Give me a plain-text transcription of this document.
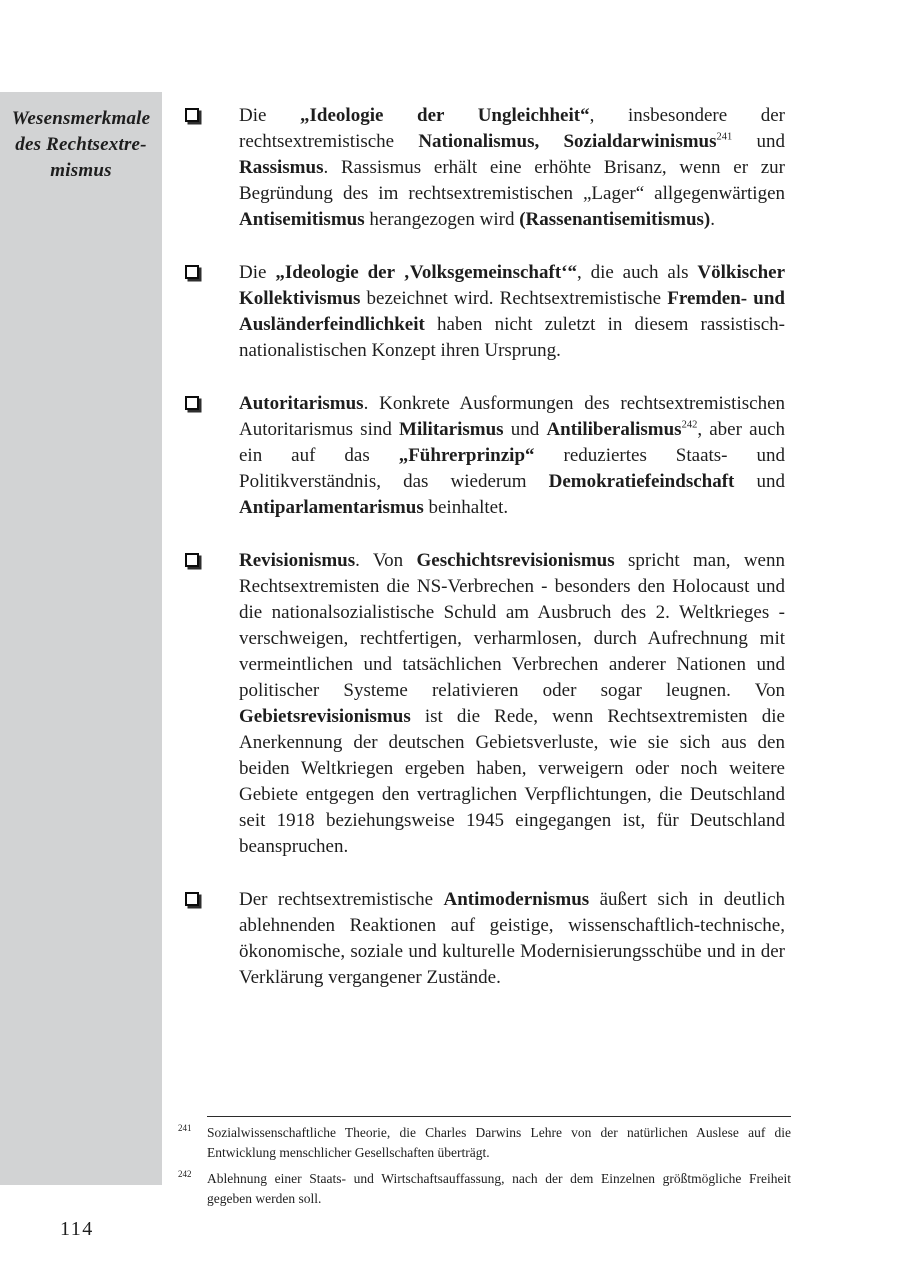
Wesensmerkmale
des Rechtsextre-
mismus

Die „Ideologie der Ungleichheit“, insbesondere der rechtsextremistische Nationalismus, Sozialdarwinismus$^{241}$ und Rassismus. Rassismus erhält eine erhöhte Brisanz, wenn er zur Begründung des im rechtsextremistischen „Lager“ allgegenwärtigen Antisemitismus herangezogen wird (Rassenantisemitismus).

Die „Ideologie der ‚Volksgemeinschaft‘“, die auch als Völkischer Kollektivismus bezeichnet wird. Rechtsextremistische Fremden- und Ausländerfeindlichkeit haben nicht zuletzt in diesem rassistisch-nationalistischen Konzept ihren Ursprung.

Autoritarismus. Konkrete Ausformungen des rechtsextremistischen Autoritarismus sind Militarismus und Antiliberalismus$^{242}$, aber auch ein auf das „Führerprinzip“ reduziertes Staats- und Politikverständnis, das wiederum Demokratiefeindschaft und Antiparlamentarismus beinhaltet.

Revisionismus. Von Geschichtsrevisionismus spricht man, wenn Rechtsextremisten die NS-Verbrechen - besonders den Holocaust und die nationalsozialistische Schuld am Ausbruch des 2. Weltkrieges - verschweigen, rechtfertigen, verharmlosen, durch Aufrechnung mit vermeintlichen und tatsächlichen Verbrechen anderer Nationen und politischer Systeme relativieren oder sogar leugnen. Von Gebietsrevisionismus ist die Rede, wenn Rechtsextremisten die Anerkennung der deutschen Gebietsverluste, wie sie sich aus den beiden Weltkriegen ergeben haben, verweigern oder noch weitere Gebiete entgegen den vertraglichen Verpflichtungen, die Deutschland seit 1918 beziehungsweise 1945 eingegangen ist, für Deutschland beanspruchen.

Der rechtsextremistische Antimodernismus äußert sich in deutlich ablehnenden Reaktionen auf geistige, wissenschaftlich-technische, ökonomische, soziale und kulturelle Modernisierungsschübe und in der Verklärung vergangener Zustände.

241	Sozialwissenschaftliche Theorie, die Charles Darwins Lehre von der natürlichen Auslese auf die Entwicklung menschlicher Gesellschaften überträgt.

242	Ablehnung einer Staats- und Wirtschaftsauffassung, nach der dem Einzelnen größtmögliche Freiheit gegeben werden soll.

114
